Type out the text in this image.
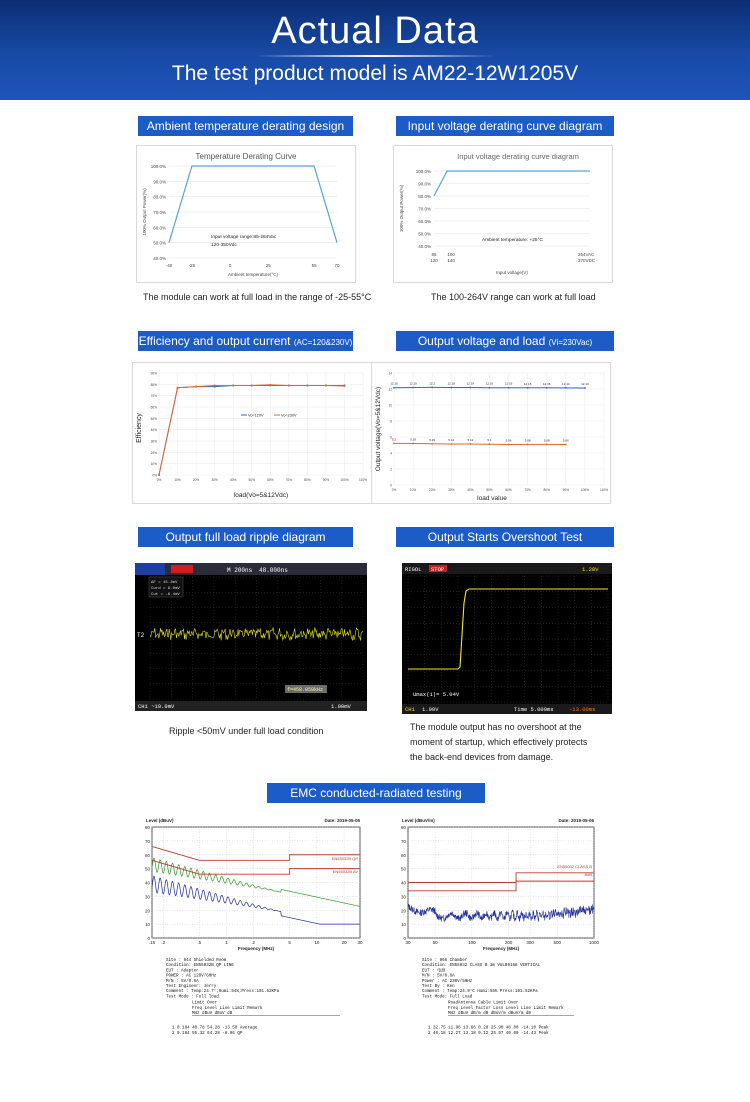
Actual Data
The test product model is AM22-12W1205V
Ambient temperature derating design	Input voltage derating curve diagram
Efficiency and output current (AC=120&230V)	Output voltage and load (Vi=230Vac)
Output full load ripple diagram	Output Starts Overshoot Test
EMC conducted-radiated testing
Temperature Derating Curve
100.0%
90.0%
80.0%
70.0%
60.0%
50.0%
40.0%
-40	-25	0	25	55	70
Ambient temperature(°C)
100% Output Power(%)
Input voltage range:85-264Vac
120-350Vdc
The module can work at full load in the range of -25-55°C
Input voltage derating curve diagram
100.0%
90.0%
80.0%
70.0%
60.0%
50.0%
40.0%
85
120
100
140
264VAC
370VDC
Input voltage(V)
100% Output Power(%)
Ambient temperature: +25°C
The 100-264V range can work at full load
90%
80%
70%
60%
50%
40%
30%
20%
10%
0%
0%	10%	20%	30%	40%	50%	60%	70%	80%	90%	100%	110%
load(Vo=5&12Vdc)
Efficiency	Vo=120V	Vo=230V
14
12
10
8
6
4
2
0
0%	10%	20%	30%	40%	50%	60%	70%	80%	90%	100%	110%
load value
Output voltage(Vo=5&12Vdc)
12.16	12.19	12.2	12.18	12.19	12.16	12.16	12.15	12.15	12.14	12.13
5.2	5.18	5.15	5.12	5.12	5.1	5.06	5.08	5.08	5.06
M 200ns 48.000ns
ΔF = 15.2mV
Curd = 9.0mV
Cut = -6.4mV
T2
f=458.059kHz
CH1 ~10.0mV	1.00mV
Ripple <50mV under full load condition
RIGOL STOP	1.28V
Umax(1)= 5.04V
CH1 1.00V	Time 5.000ms	-13.00ms
The module output has no overshoot at the
moment of startup, which effectively protects
the back-end devices from damage.
Level (dBuV)	Date: 2019-05-06
80
70
60
50
40
30
20
10
0
.15 .2	.5	1	2	5	10	20 30
Frequency (MHz)
EN55032B QP
EN55032B AV
Site : 944 Shielded Room
Condition: EN55032B QP LINE
EUT : Adapter
POWER : AC 120V/60Hz
M/N : 5V/0.6A
Test Engineer: Jerry
Comment : Temp:24.7°;Humi:54%;Press:101.52KPa
Test Mode : Full load
Limit Over
Freq Level Line Limit Remark
MHz dBuV dBuV dB
1 0.184 40.78 54.28 -13.50 Average
2 0.184 55.32 64.28 -8.96 QP
Level (dBuV/m)	Date: 2019-05-06
80
70
60
50
40
30
20
10
0
30	50	100	200	300	500	1000
Frequency (MHz)
EN55032 CLASS B
-6dB
Site : 966 Chamber
Condition: EN55032 CLASS B 3m VULB9168 VERTICAL
EUT : 电源
M/N : 5V/0.6A
Power : AC 230V/50Hz
Test By : Ken
Comment : Temp:24.9°C Humi:55% Press:101.52KPa
Test Mode: Full Load
ReadAntenna Cable Limit Over
Freq Level Factor Loss Level Line Limit Remark
MHz dBuV dB/m dB dBuV/m dBuV/m dB
1 32.75 11.96 13.66 0.28 25.90 40.00 -14.10 Peak
2 46.18 12.27 13.18 0.12 25.57 40.00 -14.43 Peak
